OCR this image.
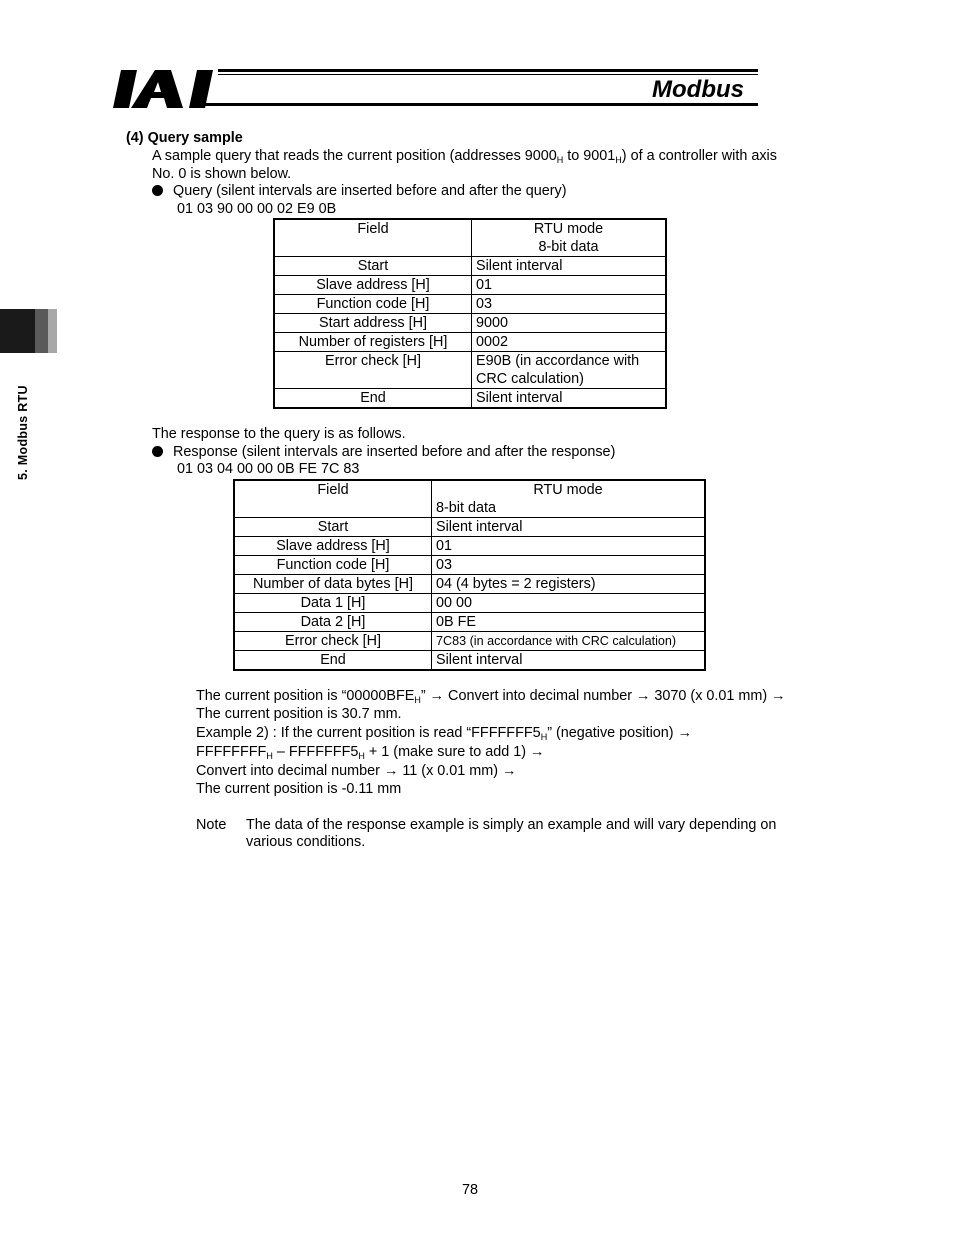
Modbus
5. Modbus RTU
(4) Query sample
A sample query that reads the current position (addresses $9000_H$ to $9001_H$) of a controller with axis
No. 0 is shown below.
Query (silent intervals are inserted before and after the query)
01 03 90 00 00 02 E9 0B
Field	RTU mode
8-bit data

Start	Silent interval
Slave address [H]	01
Function code [H]	03
Start address [H]	9000
Number of registers [H]	0002
Error check [H]	E90B (in accordance with
CRC calculation)

End	Silent interval
The response to the query is as follows.
Response (silent intervals are inserted before and after the response)
01 03 04 00 00 0B FE 7C 83
Field	RTU mode
8-bit data

Start	Silent interval
Slave address [H]	01
Function code [H]	03
Number of data bytes [H]	04 (4 bytes = 2 registers)
Data 1 [H]	00 00
Data 2 [H]	0B FE
Error check [H]	7C83 (in accordance with CRC calculation)
End	Silent interval
The current position is “$00000BFE_H$” → Convert into decimal number → 3070 (x 0.01 mm) →
The current position is 30.7 mm.
Example 2) : If the current position is read “$FFFFFFF5_H$” (negative position) →
$FFFFFFFF_H$ – $FFFFFFF5_H + 1$ (make sure to add 1) →
Convert into decimal number → 11 (x 0.01 mm) →
The current position is -0.11 mm
Note The data of the response example is simply an example and will vary depending on
various conditions.
78
